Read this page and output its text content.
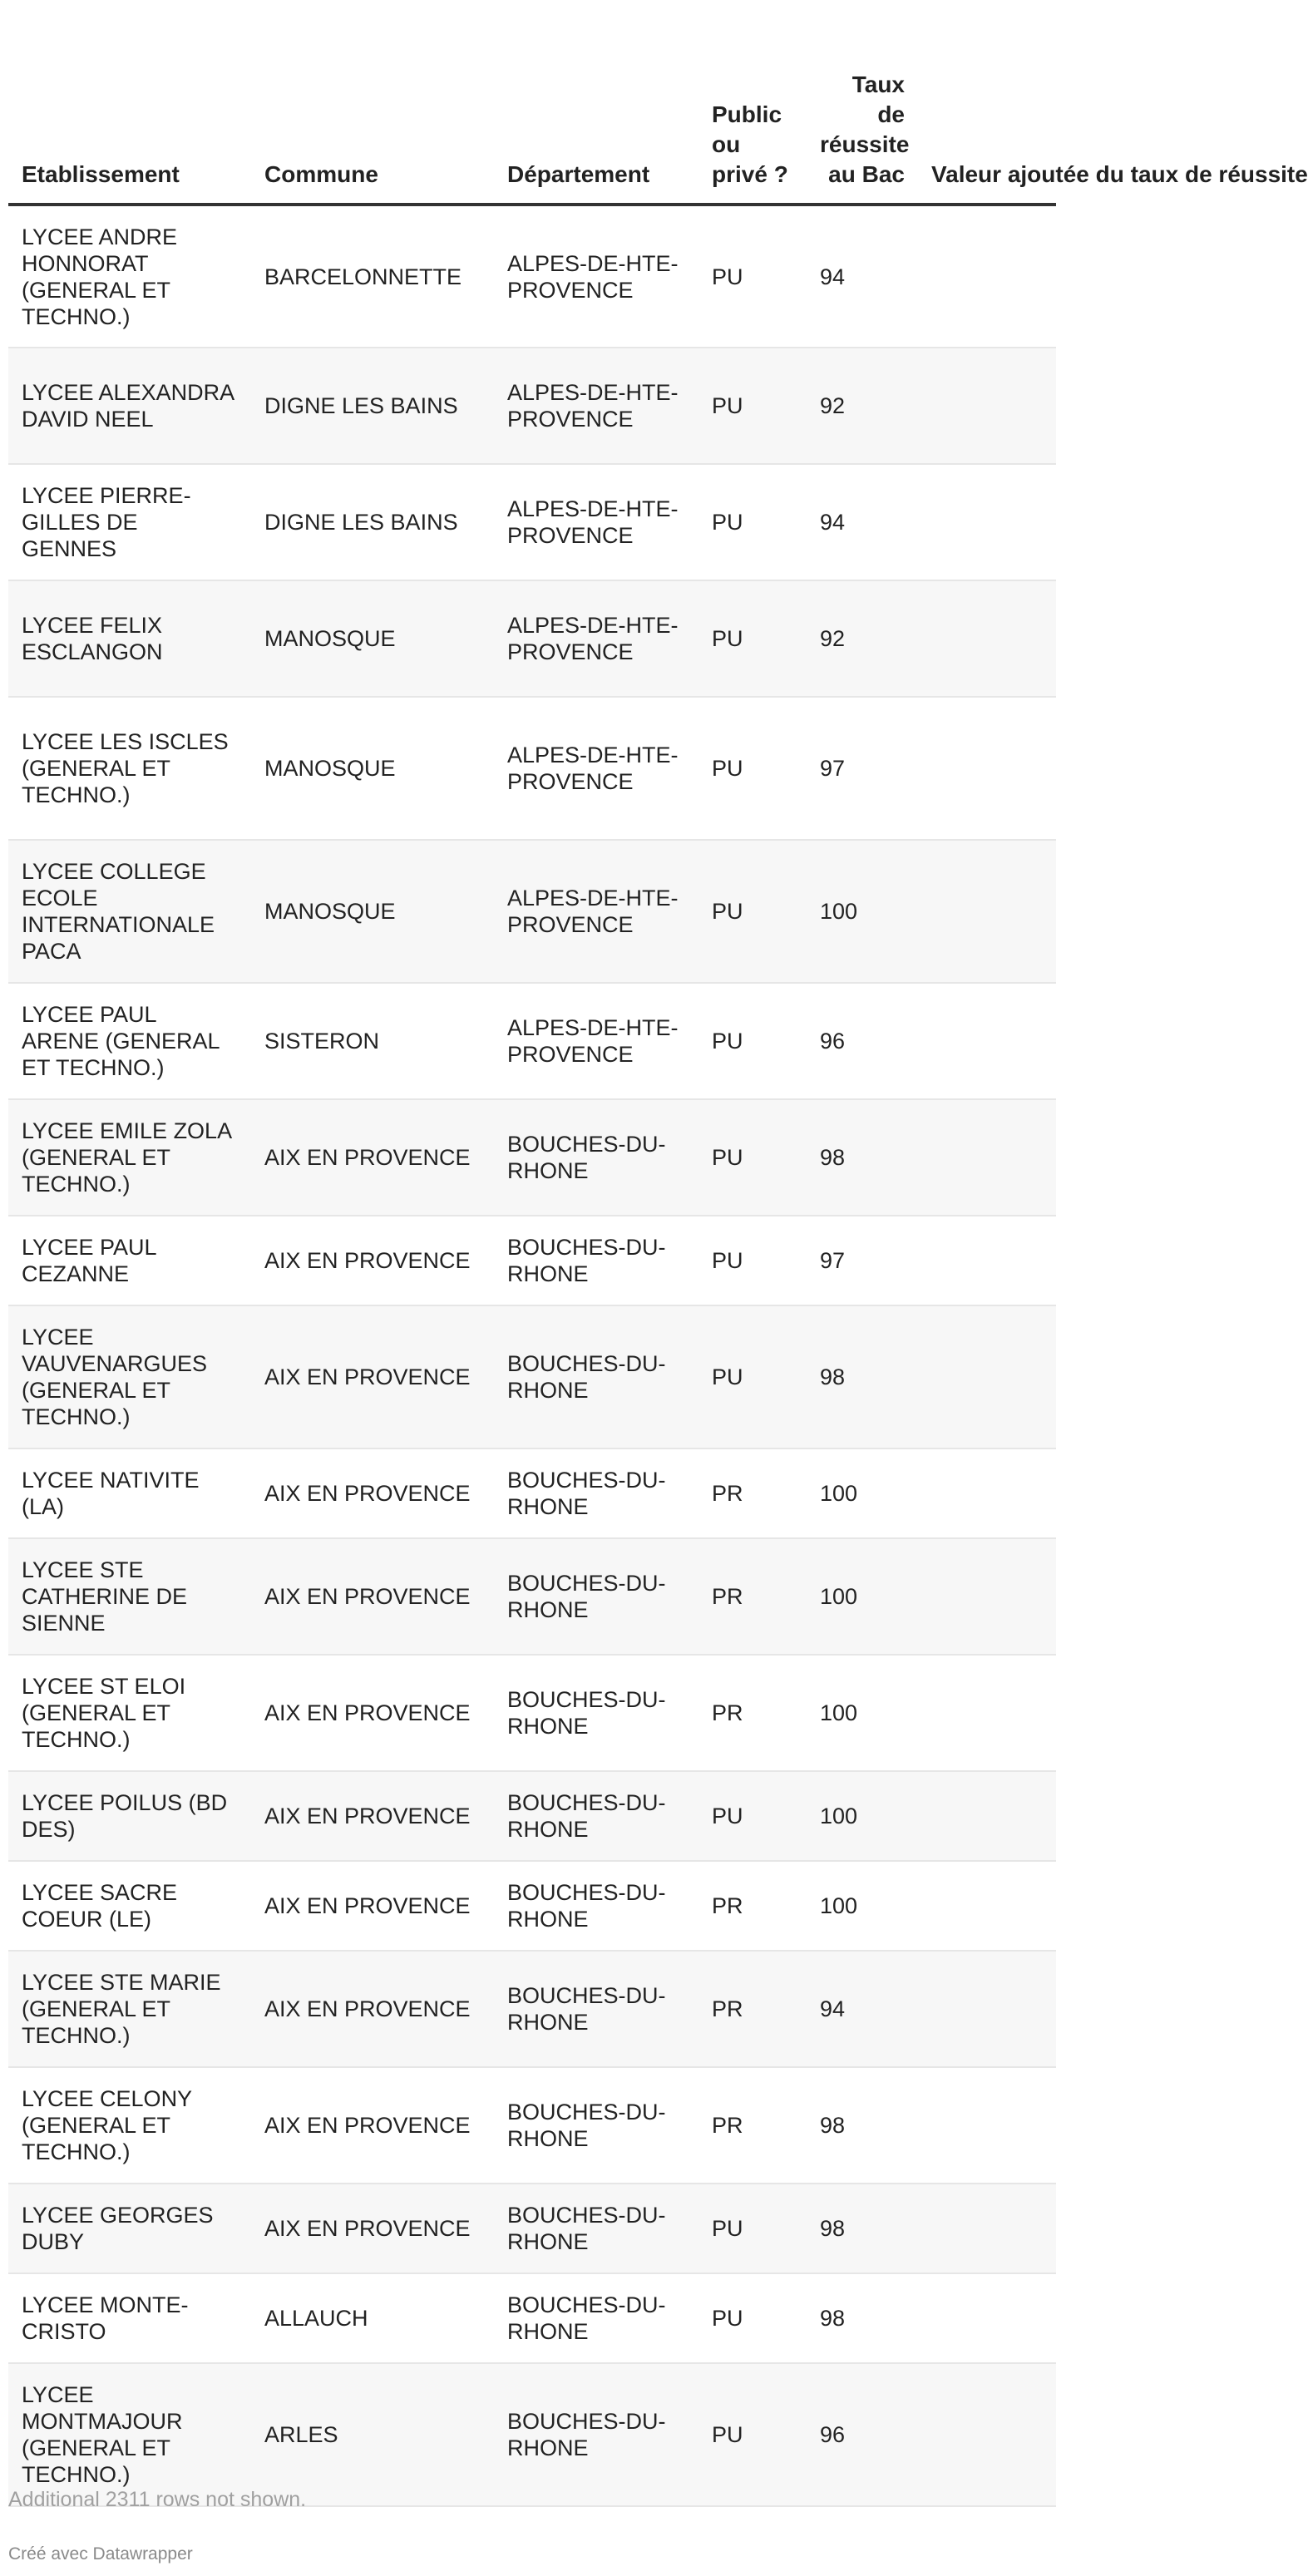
Etablissement	Commune	Département	Public ou privé ?	Taux de réussite au Bac	Valeur ajoutée du taux de réussite
LYCEE ANDRE HONNORAT (GENERAL ET TECHNO.)	BARCELONNETTE	ALPES-DE-HTE-PROVENCE	PU	94	
LYCEE ALEXANDRA DAVID NEEL	DIGNE LES BAINS	ALPES-DE-HTE-PROVENCE	PU	92	
LYCEE PIERRE-GILLES DE GENNES	DIGNE LES BAINS	ALPES-DE-HTE-PROVENCE	PU	94	
LYCEE FELIX ESCLANGON	MANOSQUE	ALPES-DE-HTE-PROVENCE	PU	92	
LYCEE LES ISCLES (GENERAL ET TECHNO.)	MANOSQUE	ALPES-DE-HTE-PROVENCE	PU	97	
LYCEE COLLEGE ECOLE INTERNATIONALE PACA	MANOSQUE	ALPES-DE-HTE-PROVENCE	PU	100	
LYCEE PAUL ARENE (GENERAL ET TECHNO.)	SISTERON	ALPES-DE-HTE-PROVENCE	PU	96	
LYCEE EMILE ZOLA (GENERAL ET TECHNO.)	AIX EN PROVENCE	BOUCHES-DU-RHONE	PU	98	
LYCEE PAUL CEZANNE	AIX EN PROVENCE	BOUCHES-DU-RHONE	PU	97	
LYCEE VAUVENARGUES (GENERAL ET TECHNO.)	AIX EN PROVENCE	BOUCHES-DU-RHONE	PU	98	
LYCEE NATIVITE (LA)	AIX EN PROVENCE	BOUCHES-DU-RHONE	PR	100	
LYCEE STE CATHERINE DE SIENNE	AIX EN PROVENCE	BOUCHES-DU-RHONE	PR	100	
LYCEE ST ELOI (GENERAL ET TECHNO.)	AIX EN PROVENCE	BOUCHES-DU-RHONE	PR	100	
LYCEE POILUS (BD DES)	AIX EN PROVENCE	BOUCHES-DU-RHONE	PU	100	
LYCEE SACRE COEUR (LE)	AIX EN PROVENCE	BOUCHES-DU-RHONE	PR	100	
LYCEE STE MARIE (GENERAL ET TECHNO.)	AIX EN PROVENCE	BOUCHES-DU-RHONE	PR	94	
LYCEE CELONY (GENERAL ET TECHNO.)	AIX EN PROVENCE	BOUCHES-DU-RHONE	PR	98	
LYCEE GEORGES DUBY	AIX EN PROVENCE	BOUCHES-DU-RHONE	PU	98	
LYCEE MONTE-CRISTO	ALLAUCH	BOUCHES-DU-RHONE	PU	98	
LYCEE MONTMAJOUR (GENERAL ET TECHNO.)	ARLES	BOUCHES-DU-RHONE	PU	96	
Additional 2311 rows not shown.
Créé avec Datawrapper
